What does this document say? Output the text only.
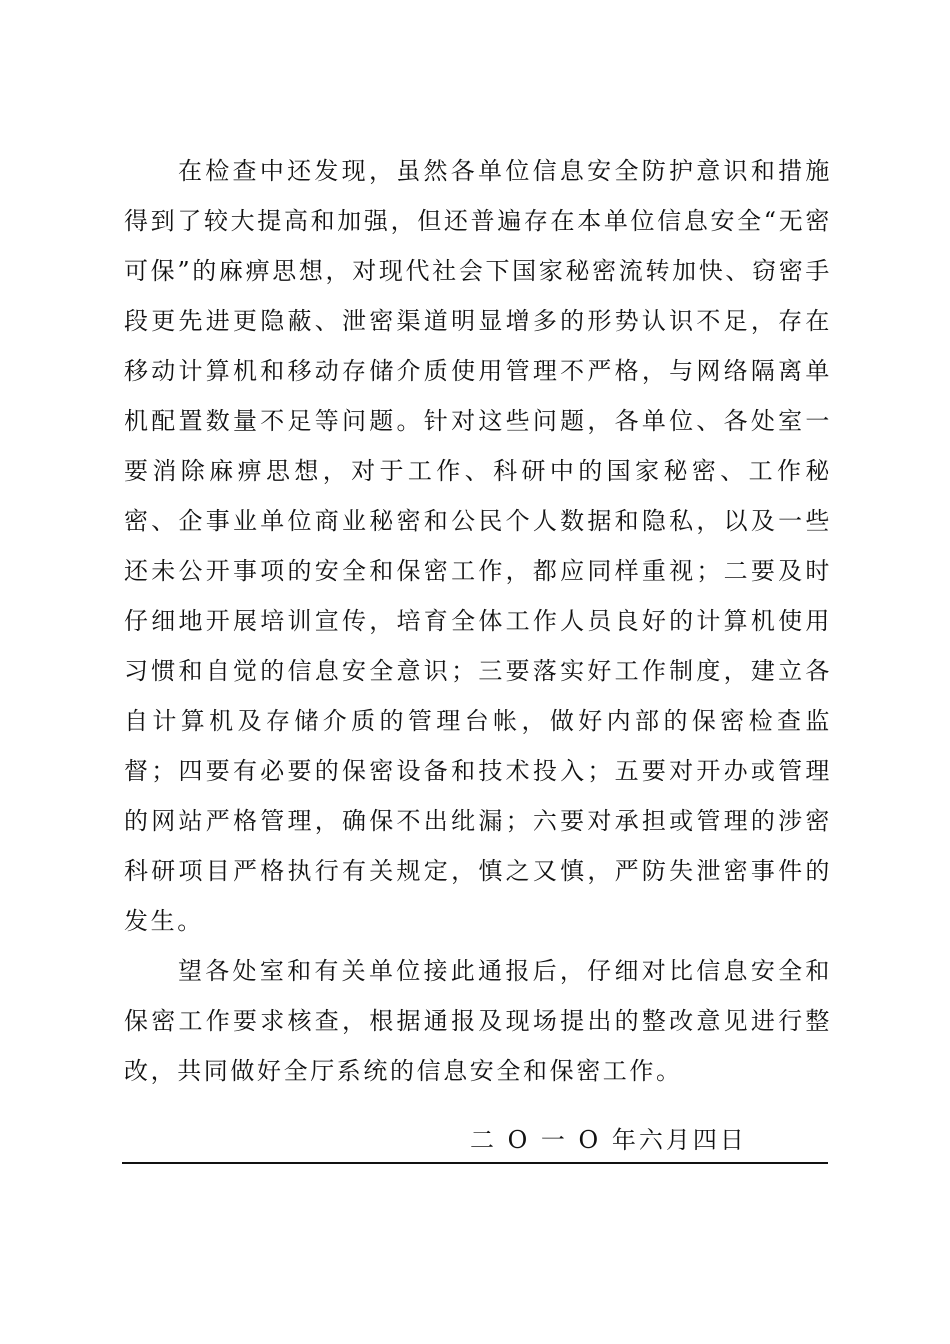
在检查中还发现，虽然各单位信息安全防护意识和措施得到了较大提高和加强，但还普遍存在本单位信息安全“无密可保”的麻痹思想，对现代社会下国家秘密流转加快、窃密手段更先进更隐蔽、泄密渠道明显增多的形势认识不足，存在移动计算机和移动存储介质使用管理不严格，与网络隔离单机配置数量不足等问题。针对这些问题，各单位、各处室一要消除麻痹思想，对于工作、科研中的国家秘密、工作秘密、企事业单位商业秘密和公民个人数据和隐私，以及一些还未公开事项的安全和保密工作，都应同样重视；二要及时仔细地开展培训宣传，培育全体工作人员良好的计算机使用习惯和自觉的信息安全意识；三要落实好工作制度，建立各自计算机及存储介质的管理台帐，做好内部的保密检查监督；四要有必要的保密设备和技术投入；五要对开办或管理的网站严格管理，确保不出纰漏；六要对承担或管理的涉密科研项目严格执行有关规定，慎之又慎，严防失泄密事件的发生。

望各处室和有关单位接此通报后，仔细对比信息安全和保密工作要求核查，根据通报及现场提出的整改意见进行整改，共同做好全厅系统的信息安全和保密工作。

二 O 一 O 年六月四日
